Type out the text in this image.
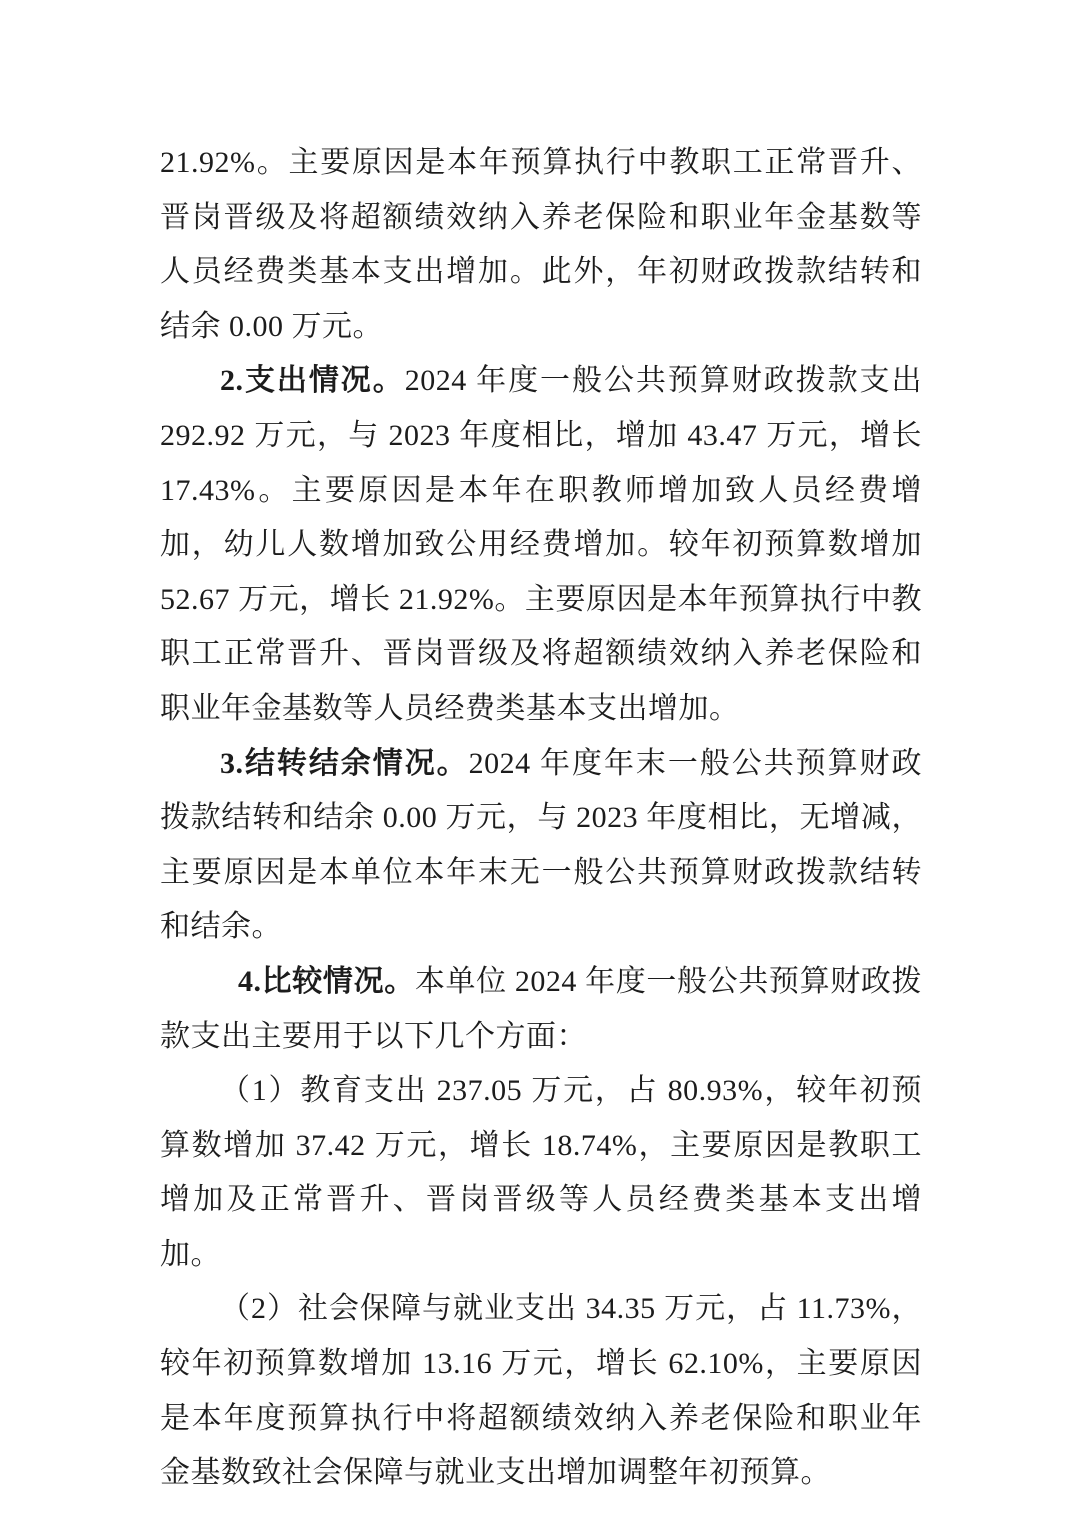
21.92%。主要原因是本年预算执行中教职工正常晋升、晋岗晋级及将超额绩效纳入养老保险和职业年金基数等人员经费类基本支出增加。此外，年初财政拨款结转和结余 0.00 万元。

2.支出情况。2024 年度一般公共预算财政拨款支出 292.92 万元，与 2023 年度相比，增加 43.47 万元，增长 17.43%。主要原因是本年在职教师增加致人员经费增加，幼儿人数增加致公用经费增加。较年初预算数增加 52.67 万元，增长 21.92%。主要原因是本年预算执行中教职工正常晋升、晋岗晋级及将超额绩效纳入养老保险和职业年金基数等人员经费类基本支出增加。

3.结转结余情况。2024 年度年末一般公共预算财政拨款结转和结余 0.00 万元，与 2023 年度相比，无增减，主要原因是本单位本年末无一般公共预算财政拨款结转和结余。

4.比较情况。本单位 2024 年度一般公共预算财政拨款支出主要用于以下几个方面：

（1）教育支出 237.05 万元，占 80.93%，较年初预算数增加 37.42 万元，增长 18.74%，主要原因是教职工增加及正常晋升、晋岗晋级等人员经费类基本支出增加。

（2）社会保障与就业支出 34.35 万元，占 11.73%，较年初预算数增加 13.16 万元，增长 62.10%，主要原因是本年度预算执行中将超额绩效纳入养老保险和职业年金基数致社会保障与就业支出增加调整年初预算。
